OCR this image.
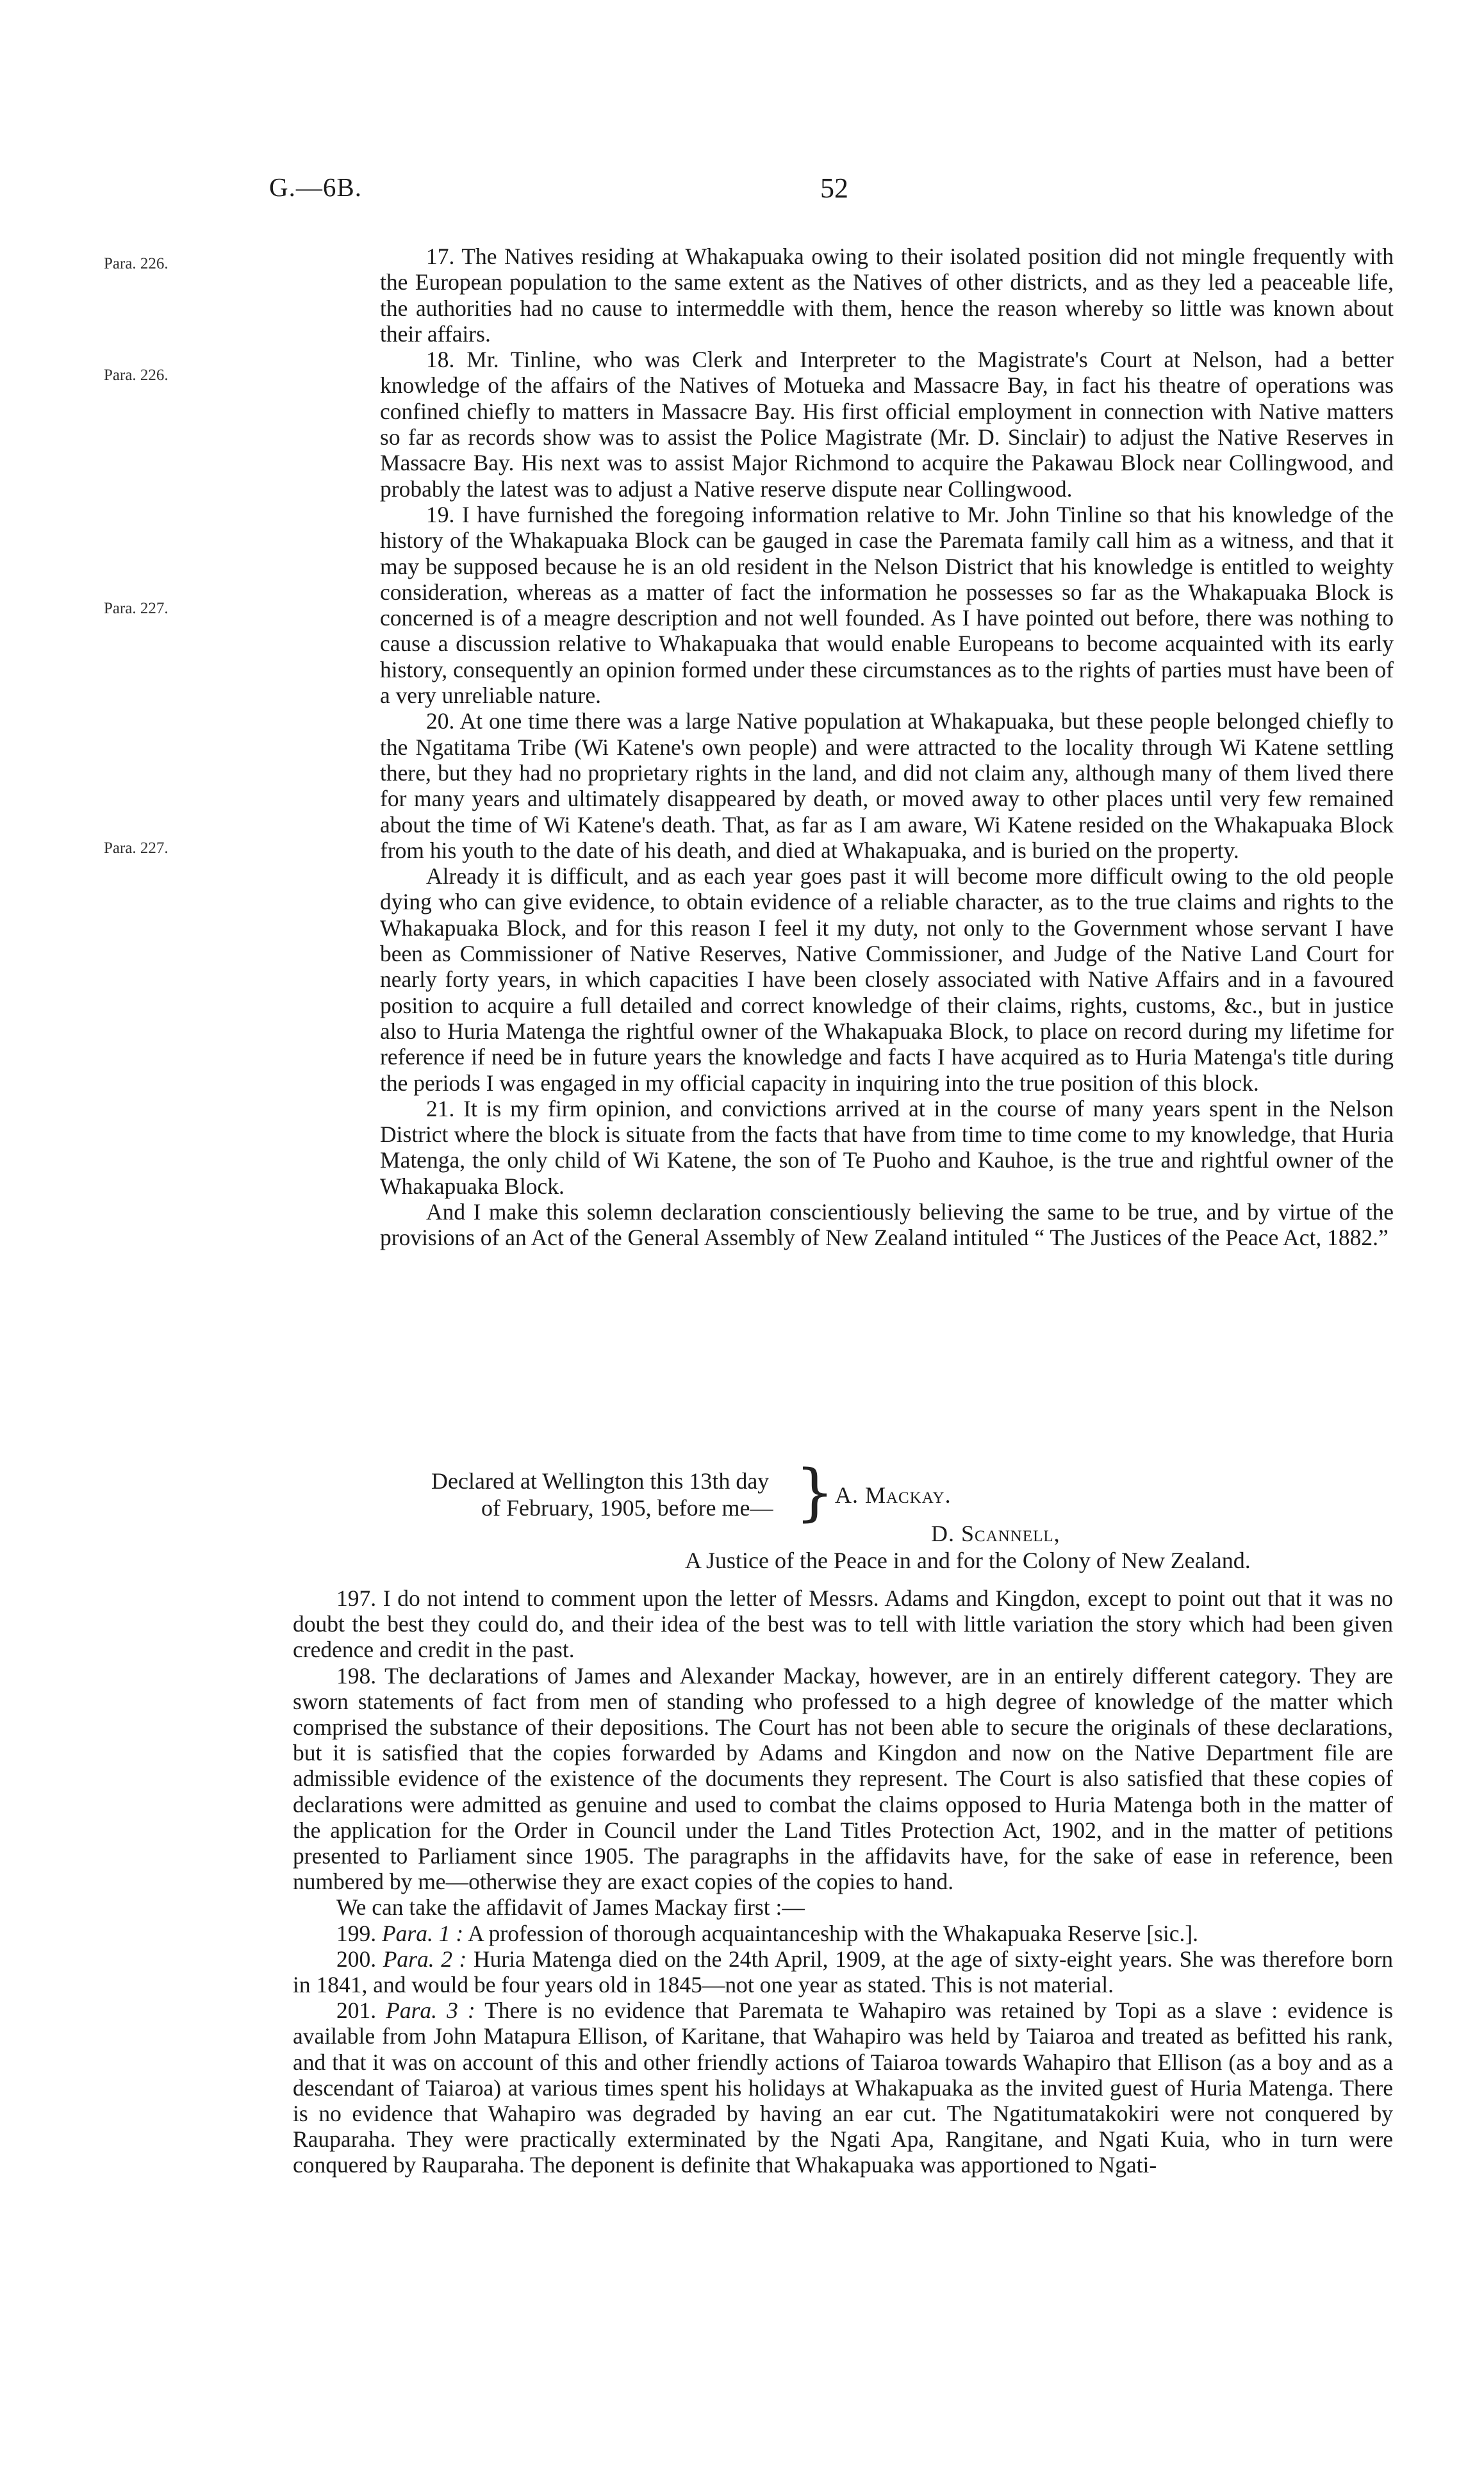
G.—6B.	52
Para. 226.
Para. 226.
Para. 227.
Para. 227.

17. The Natives residing at Whakapuaka owing to their isolated position did not mingle frequently with the European population to the same extent as the Natives of other districts, and as they led a peaceable life, the authorities had no cause to intermeddle with them, hence the reason whereby so little was known about their affairs.

18. Mr. Tinline, who was Clerk and Interpreter to the Magistrate's Court at Nelson, had a better knowledge of the affairs of the Natives of Motueka and Massacre Bay, in fact his theatre of operations was confined chiefly to matters in Massacre Bay. His first official employment in connection with Native matters so far as records show was to assist the Police Magistrate (Mr. D. Sinclair) to adjust the Native Reserves in Massacre Bay. His next was to assist Major Richmond to acquire the Pakawau Block near Collingwood, and probably the latest was to adjust a Native reserve dispute near Collingwood.

19. I have furnished the foregoing information relative to Mr. John Tinline so that his knowledge of the history of the Whakapuaka Block can be gauged in case the Paremata family call him as a witness, and that it may be supposed because he is an old resident in the Nelson District that his knowledge is entitled to weighty consideration, whereas as a matter of fact the information he possesses so far as the Whakapuaka Block is concerned is of a meagre description and not well founded. As I have pointed out before, there was nothing to cause a discussion relative to Whakapuaka that would enable Europeans to become acquainted with its early history, consequently an opinion formed under these circumstances as to the rights of parties must have been of a very unreliable nature.

20. At one time there was a large Native population at Whakapuaka, but these people belonged chiefly to the Ngatitama Tribe (Wi Katene's own people) and were attracted to the locality through Wi Katene settling there, but they had no proprietary rights in the land, and did not claim any, although many of them lived there for many years and ultimately disappeared by death, or moved away to other places until very few remained about the time of Wi Katene's death. That, as far as I am aware, Wi Katene resided on the Whakapuaka Block from his youth to the date of his death, and died at Whakapuaka, and is buried on the property.

Already it is difficult, and as each year goes past it will become more difficult owing to the old people dying who can give evidence, to obtain evidence of a reliable character, as to the true claims and rights to the Whakapuaka Block, and for this reason I feel it my duty, not only to the Government whose servant I have been as Commissioner of Native Reserves, Native Commissioner, and Judge of the Native Land Court for nearly forty years, in which capacities I have been closely associated with Native Affairs and in a favoured position to acquire a full detailed and correct knowledge of their claims, rights, customs, &c., but in justice also to Huria Matenga the rightful owner of the Whakapuaka Block, to place on record during my lifetime for reference if need be in future years the knowledge and facts I have acquired as to Huria Matenga's title during the periods I was engaged in my official capacity in inquiring into the true position of this block.

21. It is my firm opinion, and convictions arrived at in the course of many years spent in the Nelson District where the block is situate from the facts that have from time to time come to my knowledge, that Huria Matenga, the only child of Wi Katene, the son of Te Puoho and Kauhoe, is the true and rightful owner of the Whakapuaka Block.

And I make this solemn declaration conscientiously believing the same to be true, and by virtue of the provisions of an Act of the General Assembly of New Zealand intituled “ The Justices of the Peace Act, 1882.”

Declared at Wellington this 13th day
of February, 1905, before me— } A. Mackay.
D. Scannell,
A Justice of the Peace in and for the Colony of New Zealand.

197. I do not intend to comment upon the letter of Messrs. Adams and Kingdon, except to point out that it was no doubt the best they could do, and their idea of the best was to tell with little variation the story which had been given credence and credit in the past.

198. The declarations of James and Alexander Mackay, however, are in an entirely different category. They are sworn statements of fact from men of standing who professed to a high degree of knowledge of the matter which comprised the substance of their depositions. The Court has not been able to secure the originals of these declarations, but it is satisfied that the copies forwarded by Adams and Kingdon and now on the Native Department file are admissible evidence of the existence of the documents they represent. The Court is also satisfied that these copies of declarations were admitted as genuine and used to combat the claims opposed to Huria Matenga both in the matter of the application for the Order in Council under the Land Titles Protection Act, 1902, and in the matter of petitions presented to Parliament since 1905. The paragraphs in the affidavits have, for the sake of ease in reference, been numbered by me—otherwise they are exact copies of the copies to hand.

We can take the affidavit of James Mackay first :—

199. Para. 1 : A profession of thorough acquaintanceship with the Whakapuaka Reserve [sic.].

200. Para. 2 : Huria Matenga died on the 24th April, 1909, at the age of sixty-eight years. She was therefore born in 1841, and would be four years old in 1845—not one year as stated. This is not material.

201. Para. 3 : There is no evidence that Paremata te Wahapiro was retained by Topi as a slave : evidence is available from John Matapura Ellison, of Karitane, that Wahapiro was held by Taiaroa and treated as befitted his rank, and that it was on account of this and other friendly actions of Taiaroa towards Wahapiro that Ellison (as a boy and as a descendant of Taiaroa) at various times spent his holidays at Whakapuaka as the invited guest of Huria Matenga. There is no evidence that Wahapiro was degraded by having an ear cut. The Ngatitumatakokiri were not conquered by Rauparaha. They were practically exterminated by the Ngati Apa, Rangitane, and Ngati Kuia, who in turn were conquered by Rauparaha. The deponent is definite that Whakapuaka was apportioned to Ngati-
